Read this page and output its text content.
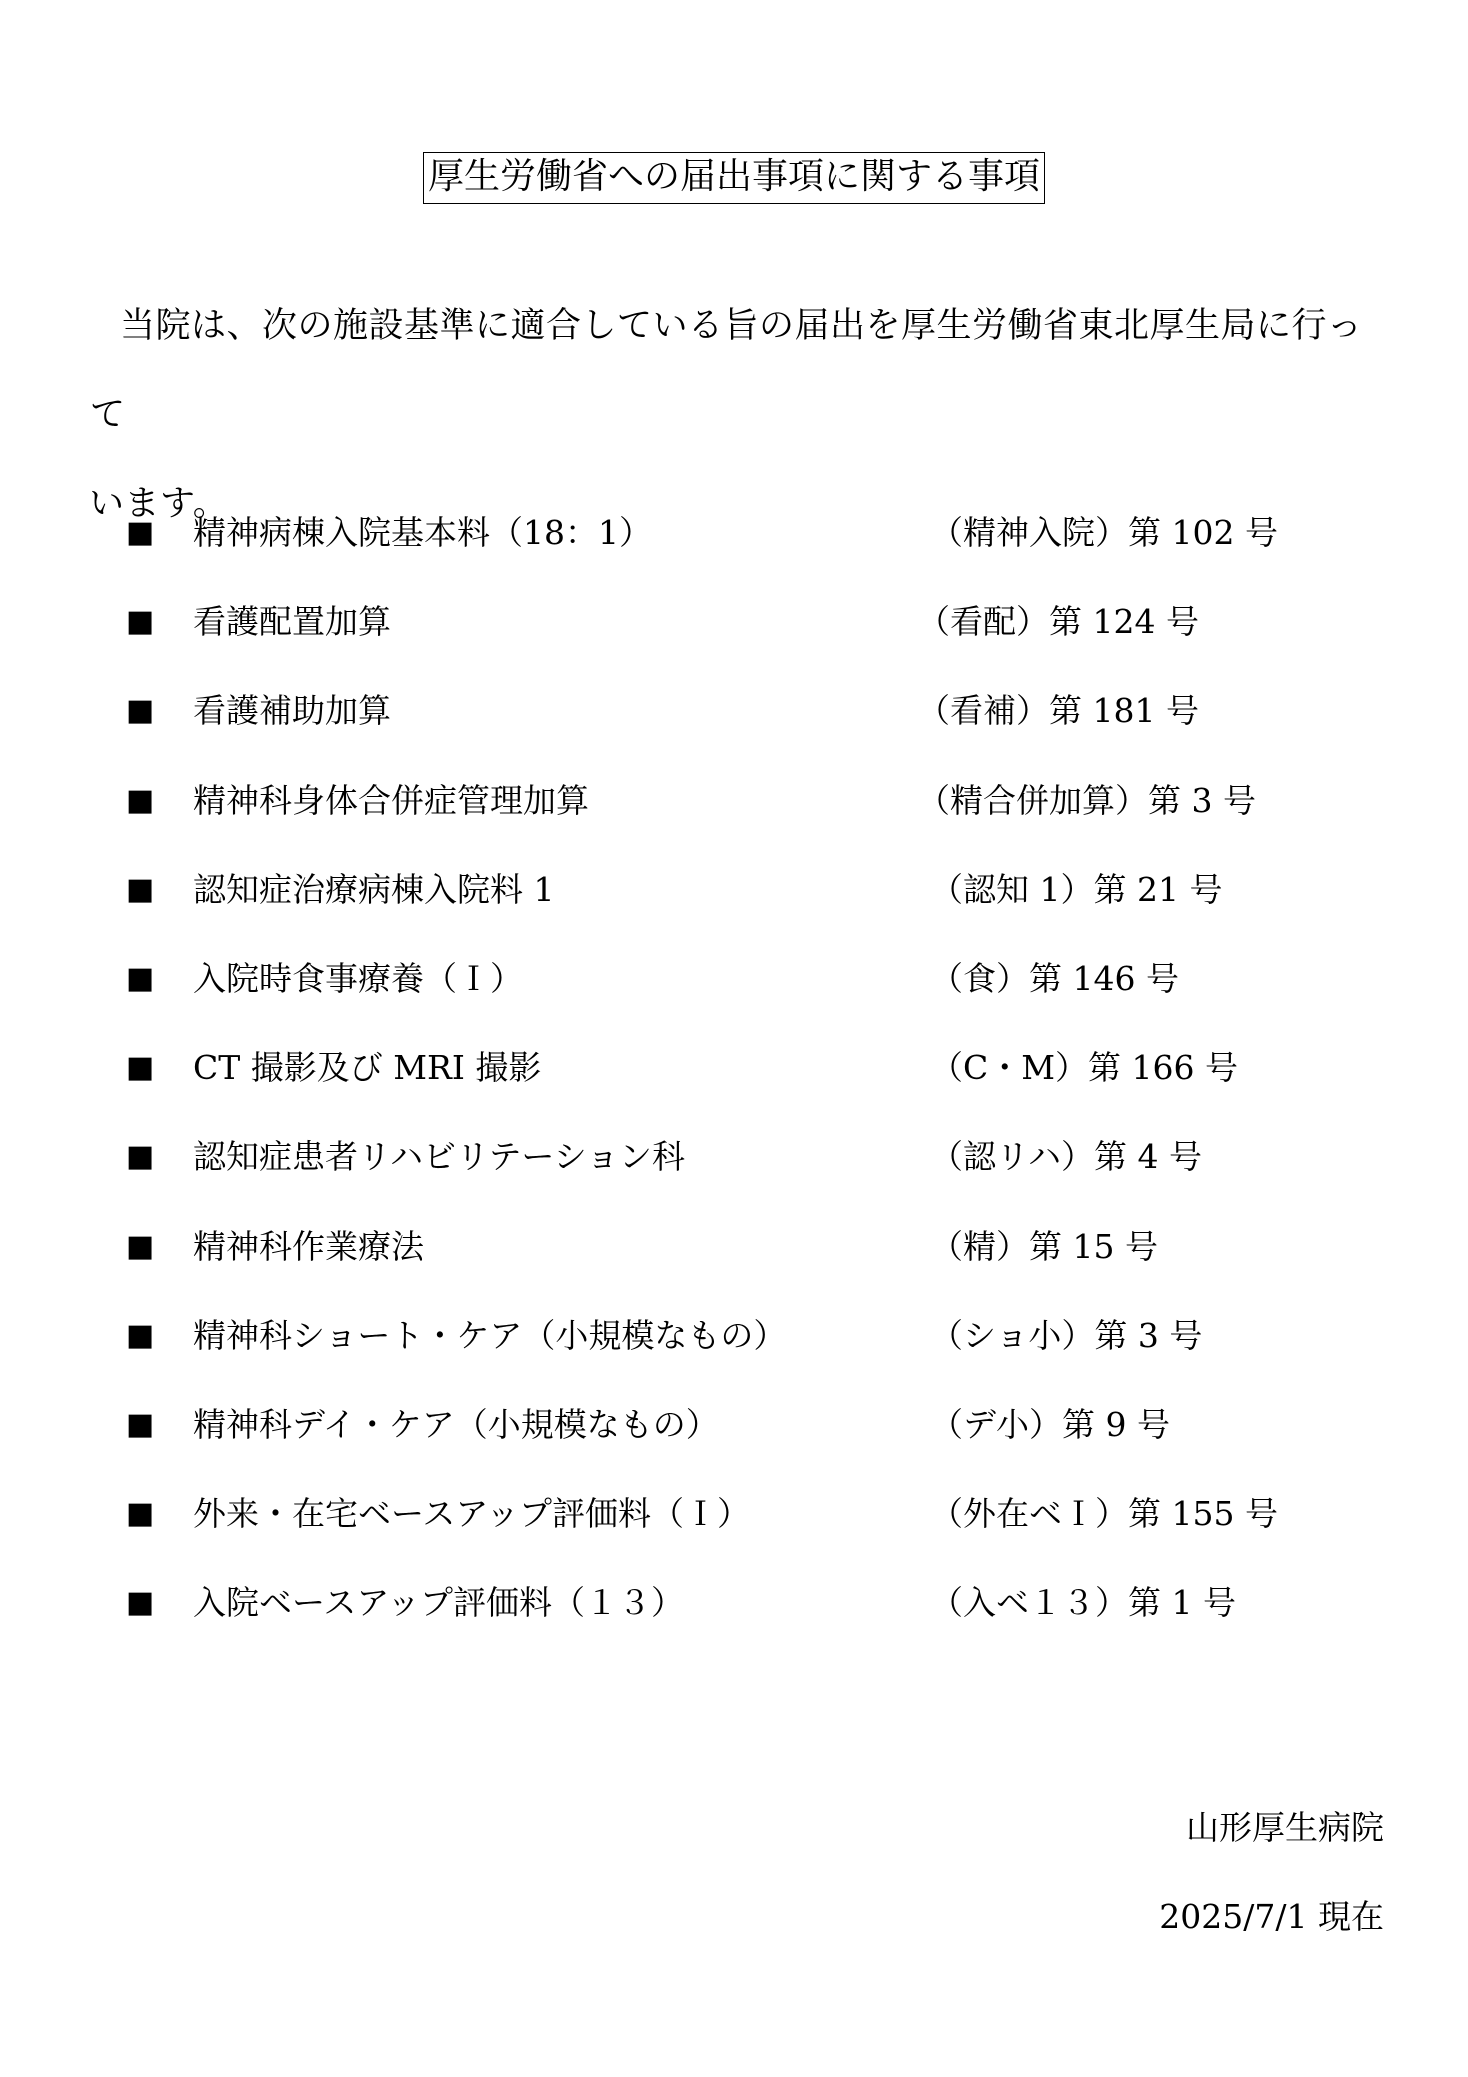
厚生労働省への届出事項に関する事項
当院は、次の施設基準に適合している旨の届出を厚生労働省東北厚生局に行って
います。
■ 精神病棟入院基本料（18：1）	（精神入院）第 102 号
■ 看護配置加算	（看配）第 124 号
■ 看護補助加算	（看補）第 181 号
■ 精神科身体合併症管理加算	（精合併加算）第 3 号
■ 認知症治療病棟入院料 1	（認知 1）第 21 号
■ 入院時食事療養（Ｉ）	（食）第 146 号
■ CT 撮影及び MRI 撮影	（C・M）第 166 号
■ 認知症患者リハビリテーション科	（認リハ）第 4 号
■ 精神科作業療法	（精）第 15 号
■ 精神科ショート・ケア（小規模なもの）	（ショ小）第 3 号
■ 精神科デイ・ケア（小規模なもの）	（デ小）第 9 号
■ 外来・在宅ベースアップ評価料（Ｉ）	（外在ベＩ）第 155 号
■ 入院ベースアップ評価料（１３）	（入ベ１３）第 1 号
山形厚生病院
2025/7/1 現在
